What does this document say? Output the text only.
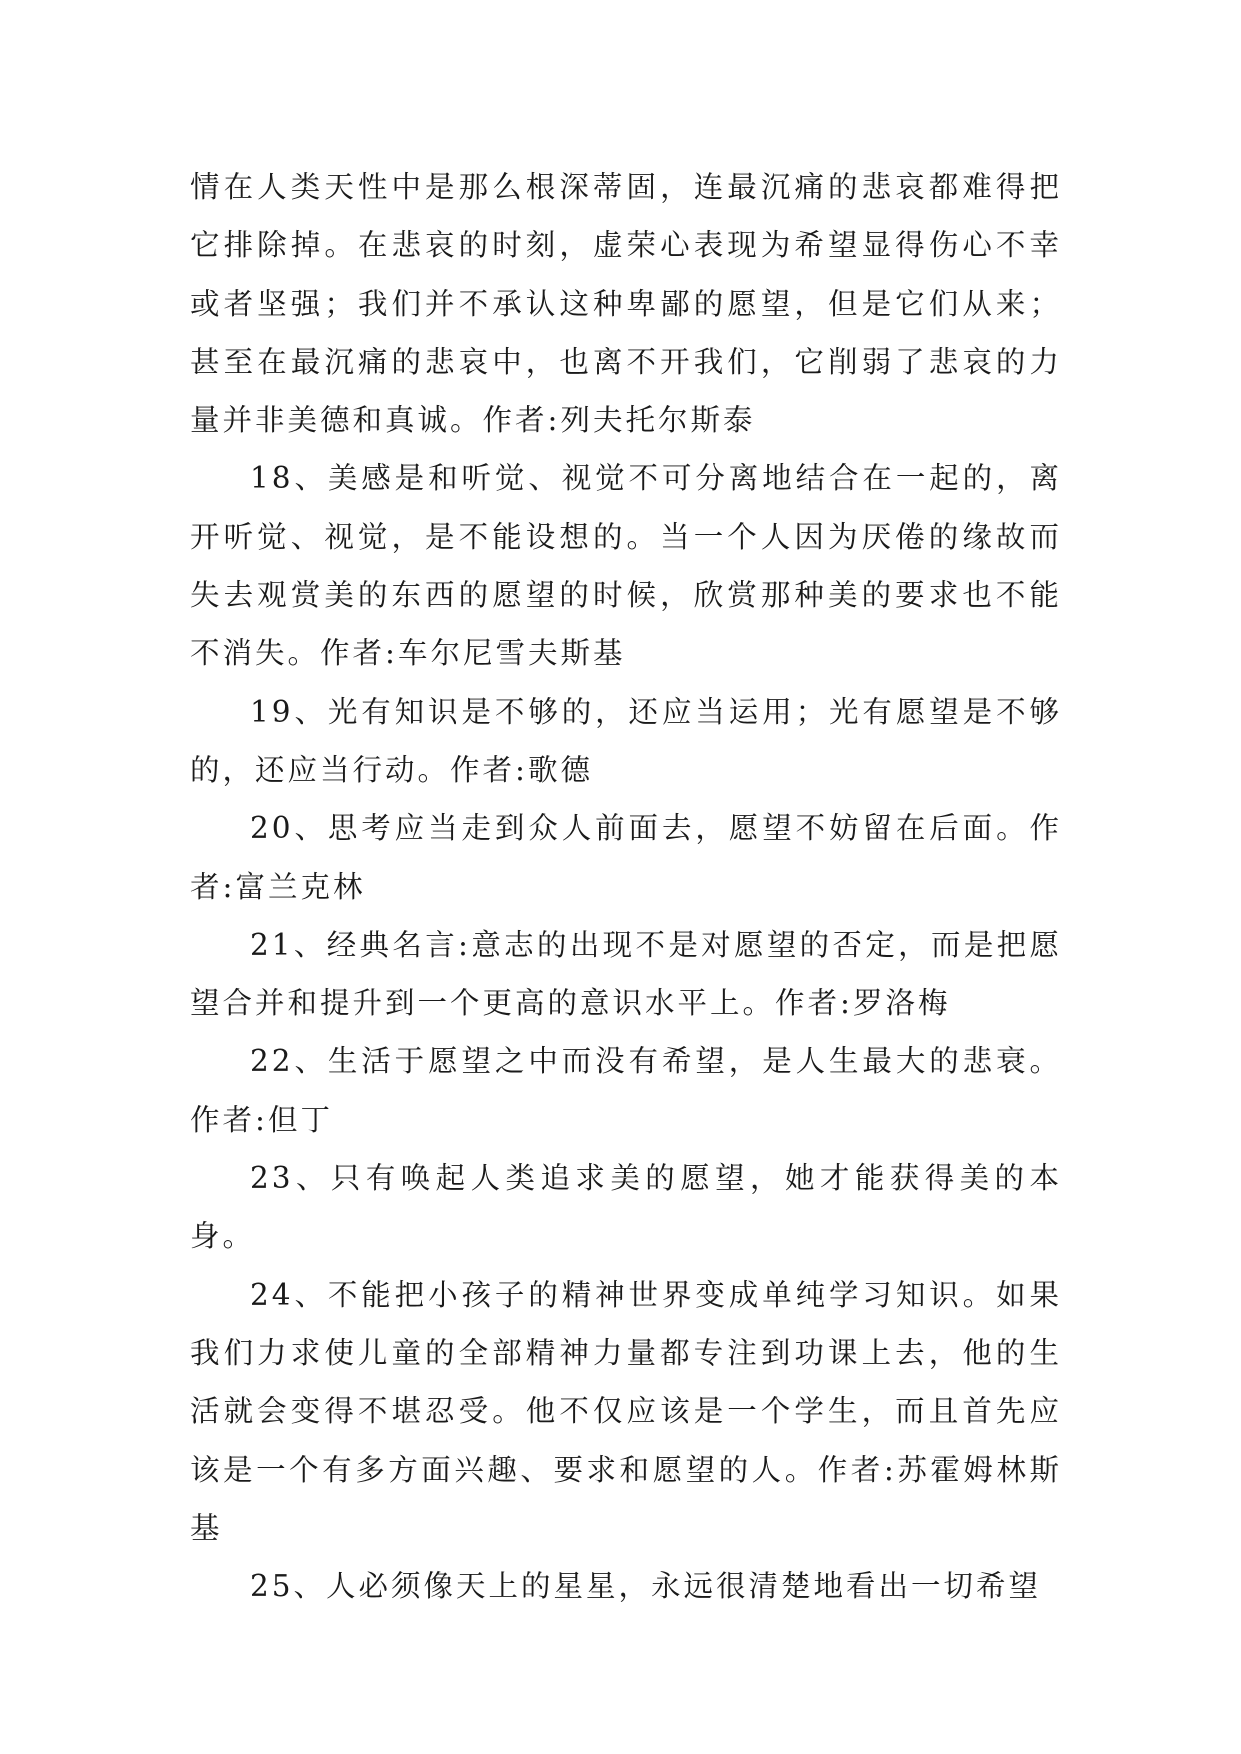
情在人类天性中是那么根深蒂固，连最沉痛的悲哀都难得把它排除掉。在悲哀的时刻，虚荣心表现为希望显得伤心不幸或者坚强；我们并不承认这种卑鄙的愿望，但是它们从来；甚至在最沉痛的悲哀中，也离不开我们，它削弱了悲哀的力量并非美德和真诚。作者:列夫托尔斯泰

18、美感是和听觉、视觉不可分离地结合在一起的，离开听觉、视觉，是不能设想的。当一个人因为厌倦的缘故而失去观赏美的东西的愿望的时候，欣赏那种美的要求也不能不消失。作者:车尔尼雪夫斯基

19、光有知识是不够的，还应当运用；光有愿望是不够的，还应当行动。作者:歌德

20、思考应当走到众人前面去，愿望不妨留在后面。作者:富兰克林

21、经典名言:意志的出现不是对愿望的否定，而是把愿望合并和提升到一个更高的意识水平上。作者:罗洛梅

22、生活于愿望之中而没有希望，是人生最大的悲衰。作者:但丁

23、只有唤起人类追求美的愿望，她才能获得美的本身。

24、不能把小孩子的精神世界变成单纯学习知识。如果我们力求使儿童的全部精神力量都专注到功课上去，他的生活就会变得不堪忍受。他不仅应该是一个学生，而且首先应该是一个有多方面兴趣、要求和愿望的人。作者:苏霍姆林斯基

25、人必须像天上的星星，永远很清楚地看出一切希望
